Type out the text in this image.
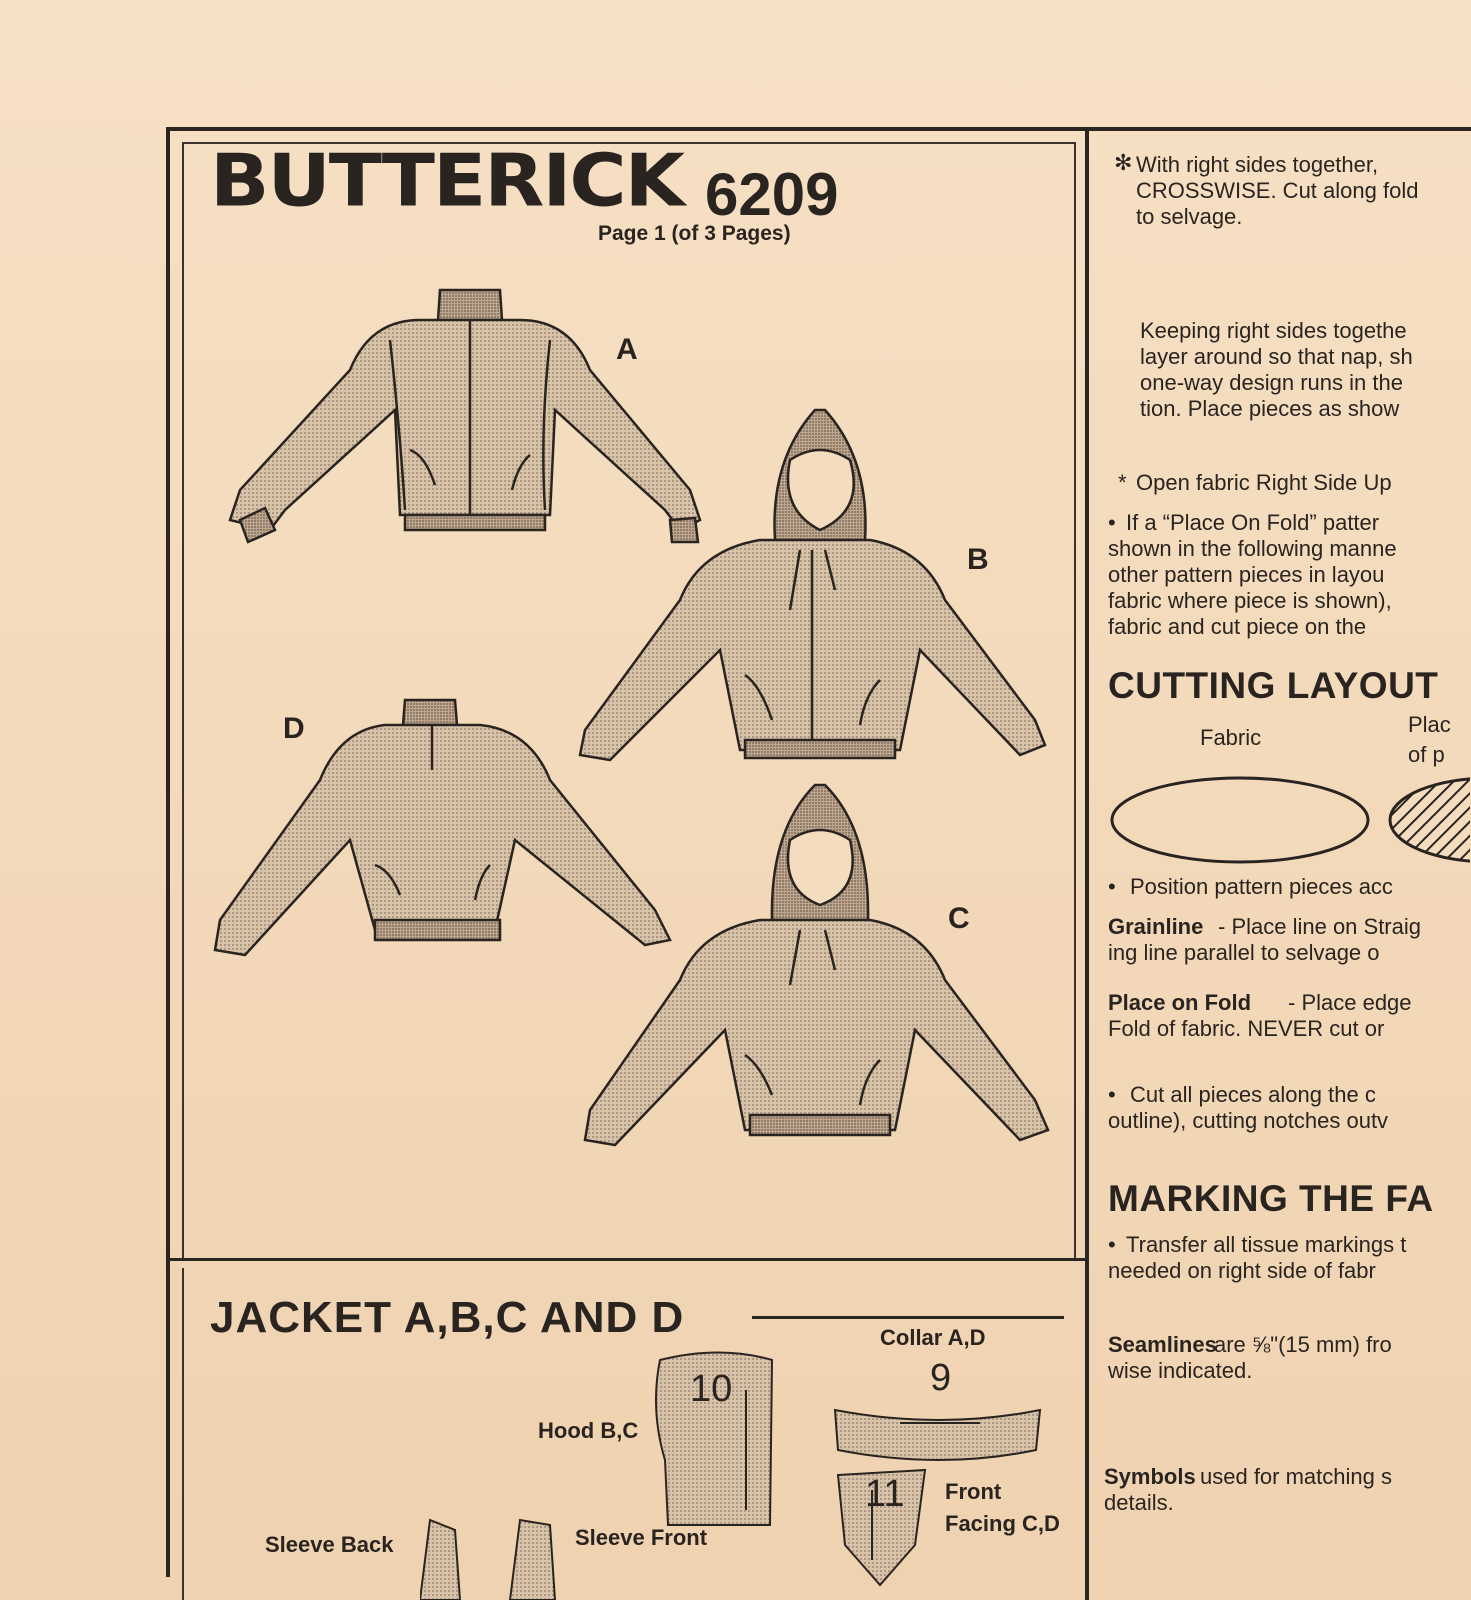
BUTTERICK 6209
Page 1 (of 3 Pages)
A
B
C
D
JACKET A,B,C AND D	Collar A,D
9
Hood B,C
10
11 Front
Facing C,D
Sleeve Back	Sleeve Front
✻ With right sides together,
CROSSWISE. Cut along fold
to selvage.
Keeping right sides togethe
layer around so that nap, sh
one-way design runs in the
tion. Place pieces as show
* Open fabric Right Side Up
• If a “Place On Fold” patter
shown in the following manne
other pattern pieces in layou
fabric where piece is shown),
fabric and cut piece on the
CUTTING LAYOUT
Fabric
Plac
of p
• Position pattern pieces acc
Grainline - Place line on Straig
ing line parallel to selvage o
Place on Fold - Place edge
Fold of fabric. NEVER cut or
• Cut all pieces along the c
outline), cutting notches outv
MARKING THE FA
• Transfer all tissue markings t
needed on right side of fabr
Seamlines
are ⅝"(15 mm) fro
wise indicated.
Symbols used for matching s
details.
